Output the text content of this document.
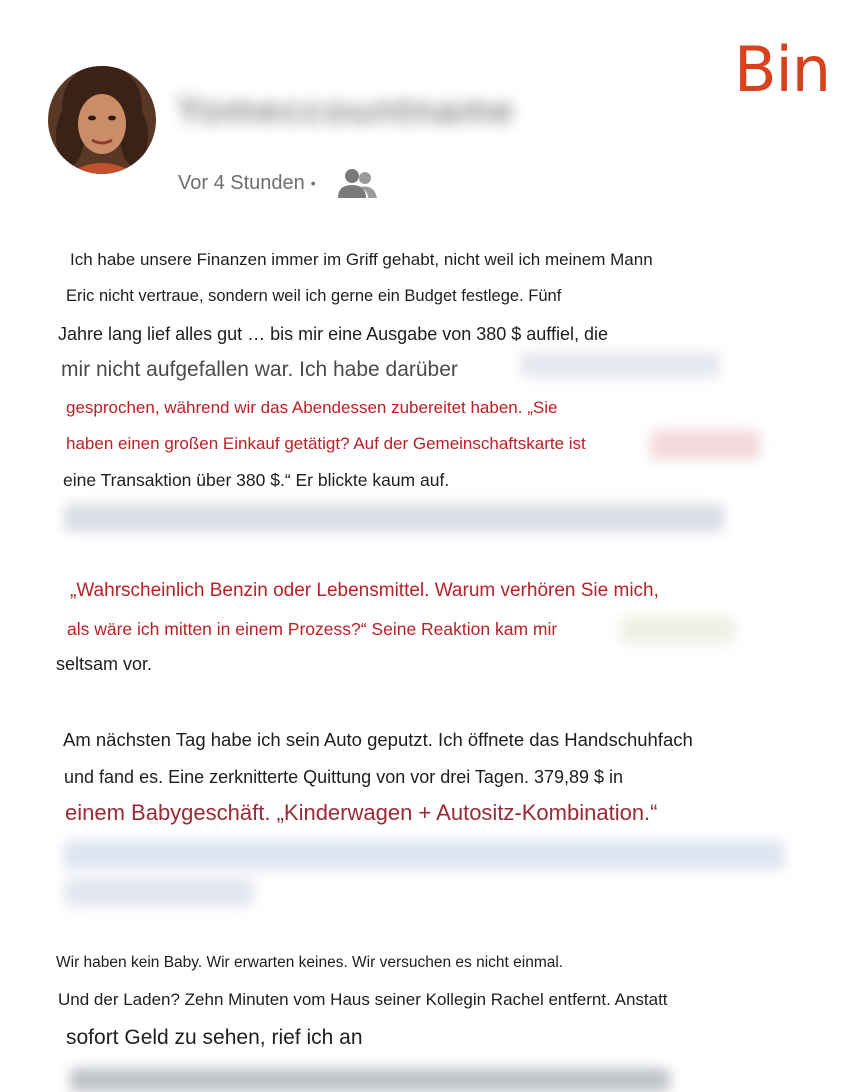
Bin
Yomeccountname
Vor 4 Stunden •
Ich habe unsere Finanzen immer im Griff gehabt, nicht weil ich meinem Mann
Eric nicht vertraue, sondern weil ich gerne ein Budget festlege. Fünf
Jahre lang lief alles gut … bis mir eine Ausgabe von 380 $ auffiel, die
mir nicht aufgefallen war. Ich habe darüber
gesprochen, während wir das Abendessen zubereitet haben. „Sie
haben einen großen Einkauf getätigt? Auf der Gemeinschaftskarte ist
eine Transaktion über 380 $.“ Er blickte kaum auf.
„Wahrscheinlich Benzin oder Lebensmittel. Warum verhören Sie mich,
als wäre ich mitten in einem Prozess?“ Seine Reaktion kam mir
seltsam vor.
Am nächsten Tag habe ich sein Auto geputzt. Ich öffnete das Handschuhfach
und fand es. Eine zerknitterte Quittung von vor drei Tagen. 379,89 $ in
einem Babygeschäft. „Kinderwagen + Autositz-Kombination.“
Wir haben kein Baby. Wir erwarten keines. Wir versuchen es nicht einmal.
Und der Laden? Zehn Minuten vom Haus seiner Kollegin Rachel entfernt. Anstatt
sofort Geld zu sehen, rief ich an
